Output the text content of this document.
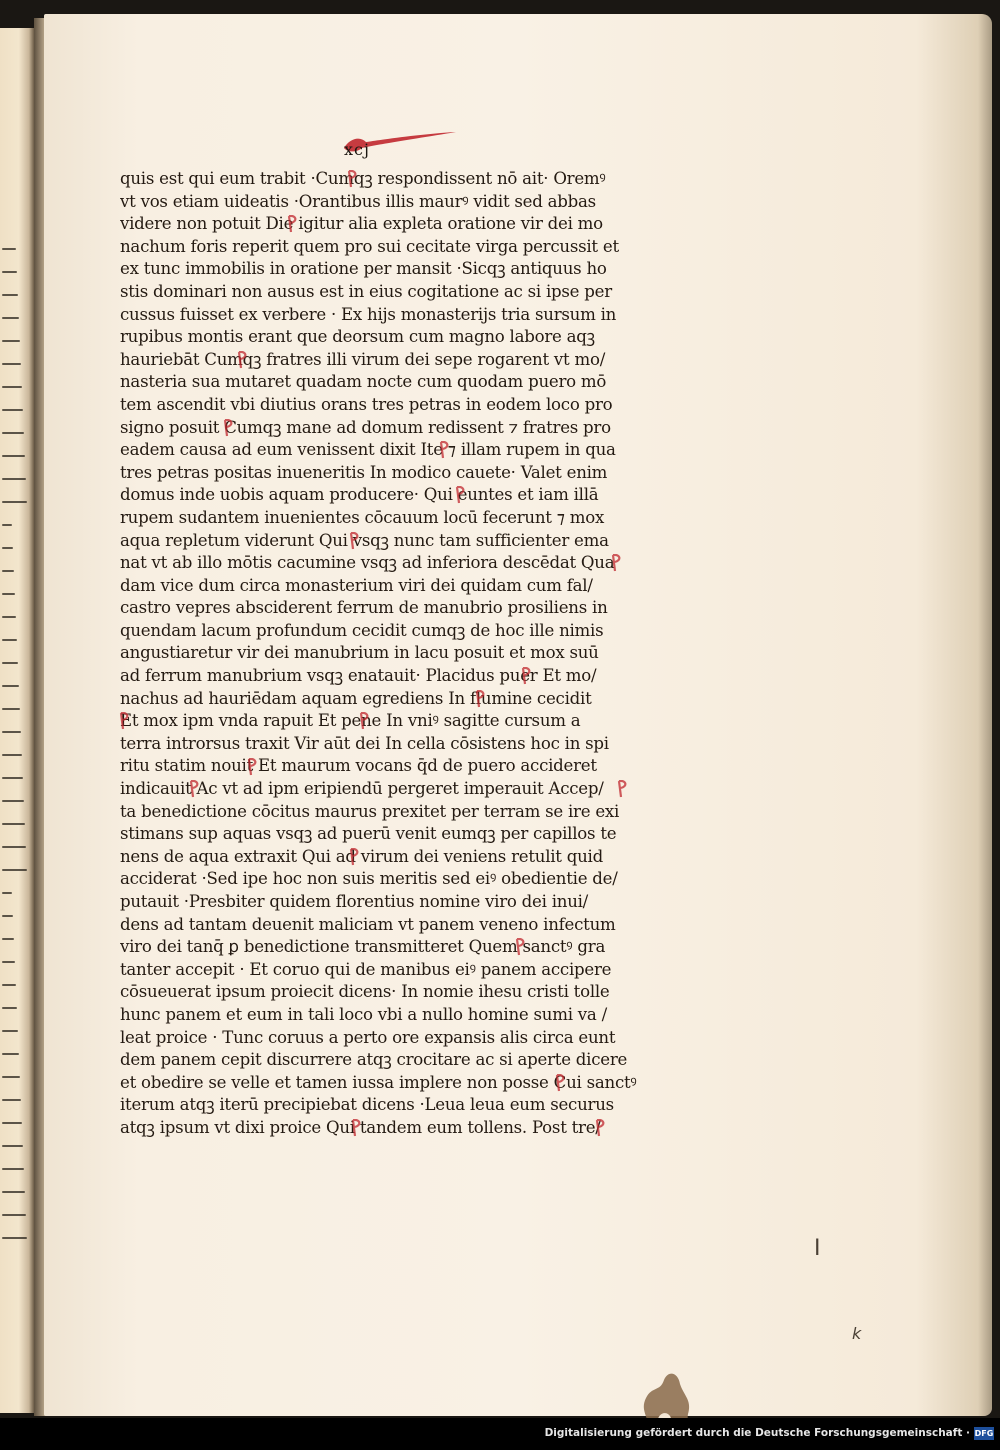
xcj
quis est qui eum trabit ·Cumqꝫ respondissent nō ait· Oremꝰ
vt vos etiam uideatis ·Orantibus illis maurꝰ vidit sed abbas
videre non potuit Die igitur alia expleta oratione vir dei mo
nachum foris reperit quem pro sui cecitate virga percussit et
ex tunc immobilis in oratione per mansit ·Sicqꝫ antiquus ho
stis dominari non ausus est in eius cogitatione ac si ipse per
cussus fuisset ex verbere · Ex hijs monasterijs tria sursum in
rupibus montis erant que deorsum cum magno labore aqꝫ
hauriebāt Cumqꝫ fratres illi virum dei sepe rogarent vt mo/
nasteria sua mutaret quadam nocte cum quodam puero mō
tem ascendit vbi diutius orans tres petras in eodem loco pro
signo posuit Cumqꝫ mane ad domum redissent ⁊ fratres pro
eadem causa ad eum venissent dixit Ite ⁊ illam rupem in qua
tres petras positas inueneritis In modico cauete· Valet enim
domus inde uobis aquam producere· Qui euntes et iam illā
rupem sudantem inuenientes cōcauum locū fecerunt ⁊ mox
aqua repletum viderunt Qui vsqꝫ nunc tam sufficienter ema
nat vt ab illo mōtis cacumine vsqꝫ ad inferiora descēdat Qua
dam vice dum circa monasterium viri dei quidam cum fal/
castro vepres absciderent ferrum de manubrio prosiliens in
quendam lacum profundum cecidit cumqꝫ de hoc ille nimis
angustiaretur vir dei manubrium in lacu posuit et mox suū
ad ferrum manubrium vsqꝫ enatauit· Placidus puer Et mo/
nachus ad hauriēdam aquam egrediens In flumine cecidit
Et mox ipm vnda rapuit Et pene In vniꝰ sagitte cursum a
terra introrsus traxit Vir aūt dei In cella cōsistens hoc in spi
ritu statim nouit Et maurum vocans q̄d de puero accideret
indicauit Ac vt ad ipm eripiendū pergeret imperauit Accep/
ta benedictione cōcitus maurus prexitet per terram se ire exi
stimans sup aquas vsqꝫ ad puerū venit eumqꝫ per capillos te
nens de aqua extraxit Qui ad virum dei veniens retulit quid
acciderat ·Sed ipe hoc non suis meritis sed eiꝰ obedientie de/
putauit ·Presbiter quidem florentius nomine viro dei inui/
dens ad tantam deuenit maliciam vt panem veneno infectum
viro dei tanq̄ ꝑ benedictione transmitteret Quem sanctꝰ gra
tanter accepit · Et coruo qui de manibus eiꝰ panem accipere
cōsueuerat ipsum proiecit dicens· In nomie ihesu cristi tolle
hunc panem et eum in tali loco vbi a nullo homine sumi va /
leat proice · Tunc coruus a perto ore expansis alis circa eunt
dem panem cepit discurrere atqꝫ crocitare ac si aperte dicere
et obedire se velle et tamen iussa implere non posse Cui sanctꝰ
iterum atqꝫ iterū precipiebat dicens ·Leua leua eum securus
atqꝫ ipsum vt dixi proice Qui tandem eum tollens. Post tre/
I
k
Digitalisierung gefördert durch die Deutsche Forschungsgemeinschaft · DFG
